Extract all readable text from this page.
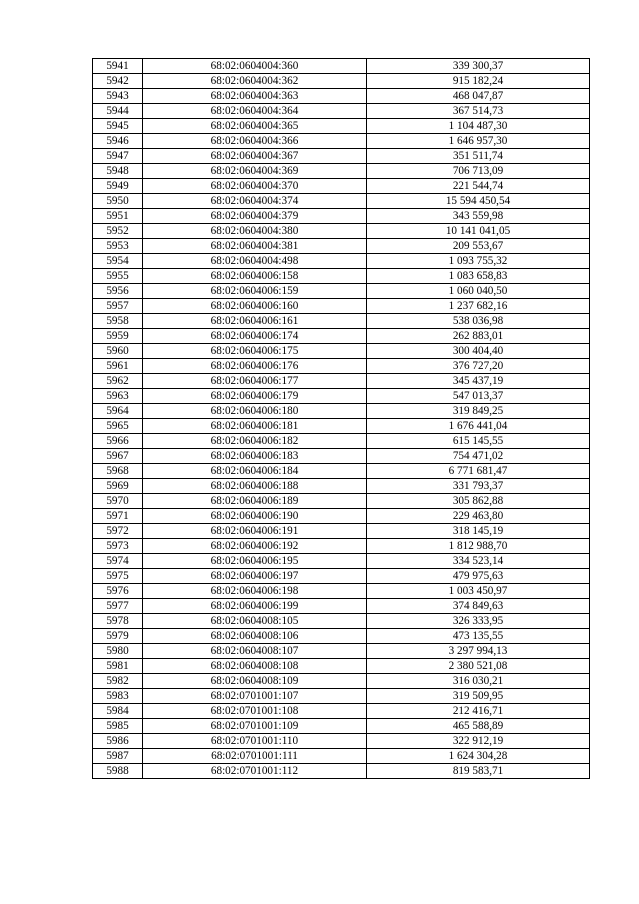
5941	68:02:0604004:360	339 300,37
5942	68:02:0604004:362	915 182,24
5943	68:02:0604004:363	468 047,87
5944	68:02:0604004:364	367 514,73
5945	68:02:0604004:365	1 104 487,30
5946	68:02:0604004:366	1 646 957,30
5947	68:02:0604004:367	351 511,74
5948	68:02:0604004:369	706 713,09
5949	68:02:0604004:370	221 544,74
5950	68:02:0604004:374	15 594 450,54
5951	68:02:0604004:379	343 559,98
5952	68:02:0604004:380	10 141 041,05
5953	68:02:0604004:381	209 553,67
5954	68:02:0604004:498	1 093 755,32
5955	68:02:0604006:158	1 083 658,83
5956	68:02:0604006:159	1 060 040,50
5957	68:02:0604006:160	1 237 682,16
5958	68:02:0604006:161	538 036,98
5959	68:02:0604006:174	262 883,01
5960	68:02:0604006:175	300 404,40
5961	68:02:0604006:176	376 727,20
5962	68:02:0604006:177	345 437,19
5963	68:02:0604006:179	547 013,37
5964	68:02:0604006:180	319 849,25
5965	68:02:0604006:181	1 676 441,04
5966	68:02:0604006:182	615 145,55
5967	68:02:0604006:183	754 471,02
5968	68:02:0604006:184	6 771 681,47
5969	68:02:0604006:188	331 793,37
5970	68:02:0604006:189	305 862,88
5971	68:02:0604006:190	229 463,80
5972	68:02:0604006:191	318 145,19
5973	68:02:0604006:192	1 812 988,70
5974	68:02:0604006:195	334 523,14
5975	68:02:0604006:197	479 975,63
5976	68:02:0604006:198	1 003 450,97
5977	68:02:0604006:199	374 849,63
5978	68:02:0604008:105	326 333,95
5979	68:02:0604008:106	473 135,55
5980	68:02:0604008:107	3 297 994,13
5981	68:02:0604008:108	2 380 521,08
5982	68:02:0604008:109	316 030,21
5983	68:02:0701001:107	319 509,95
5984	68:02:0701001:108	212 416,71
5985	68:02:0701001:109	465 588,89
5986	68:02:0701001:110	322 912,19
5987	68:02:0701001:111	1 624 304,28
5988	68:02:0701001:112	819 583,71
